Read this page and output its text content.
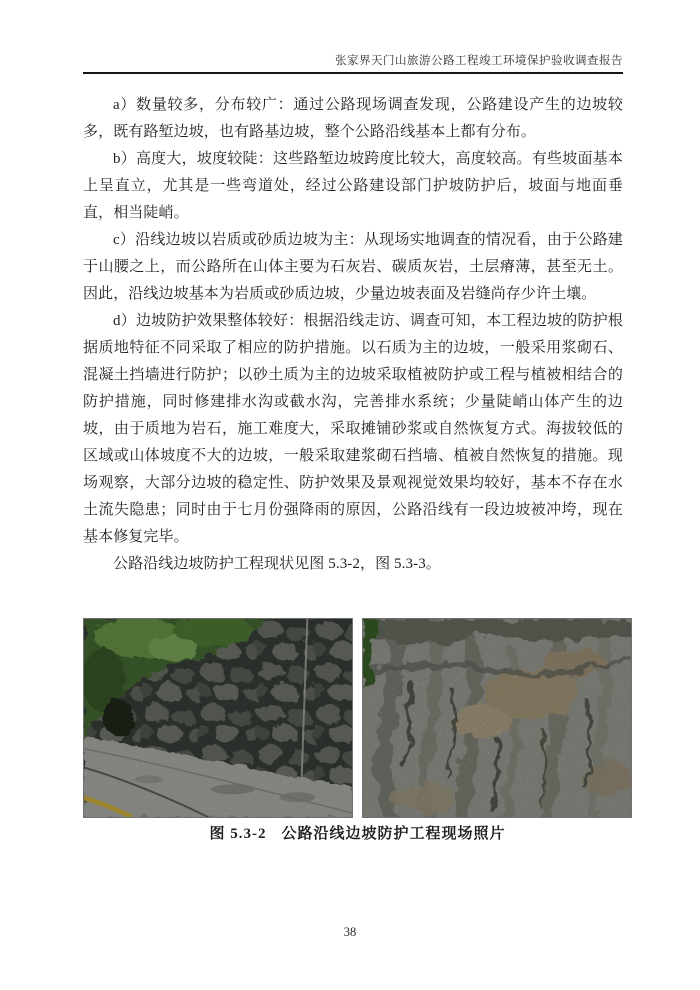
张家界天门山旅游公路工程竣工环境保护验收调查报告

a）数量较多，分布较广：通过公路现场调查发现，公路建设产生的边坡较多，既有路堑边坡，也有路基边坡，整个公路沿线基本上都有分布。

b）高度大，坡度较陡：这些路堑边坡跨度比较大，高度较高。有些坡面基本上呈直立，尤其是一些弯道处，经过公路建设部门护坡防护后，坡面与地面垂直，相当陡峭。

c）沿线边坡以岩质或砂质边坡为主：从现场实地调查的情况看，由于公路建于山腰之上，而公路所在山体主要为石灰岩、碳质灰岩，土层瘠薄，甚至无土。因此，沿线边坡基本为岩质或砂质边坡，少量边坡表面及岩缝尚存少许土壤。

d）边坡防护效果整体较好：根据沿线走访、调查可知，本工程边坡的防护根据质地特征不同采取了相应的防护措施。以石质为主的边坡，一般采用浆砌石、混凝土挡墙进行防护；以砂土质为主的边坡采取植被防护或工程与植被相结合的防护措施，同时修建排水沟或截水沟，完善排水系统；少量陡峭山体产生的边坡，由于质地为岩石，施工难度大，采取摊铺砂浆或自然恢复方式。海拔较低的区域或山体坡度不大的边坡，一般采取建浆砌石挡墙、植被自然恢复的措施。现场观察，大部分边坡的稳定性、防护效果及景观视觉效果均较好，基本不存在水土流失隐患；同时由于七月份强降雨的原因，公路沿线有一段边坡被冲垮，现在基本修复完毕。

公路沿线边坡防护工程现状见图 5.3-2，图 5.3-3。

图 5.3-2 公路沿线边坡防护工程现场照片
38
